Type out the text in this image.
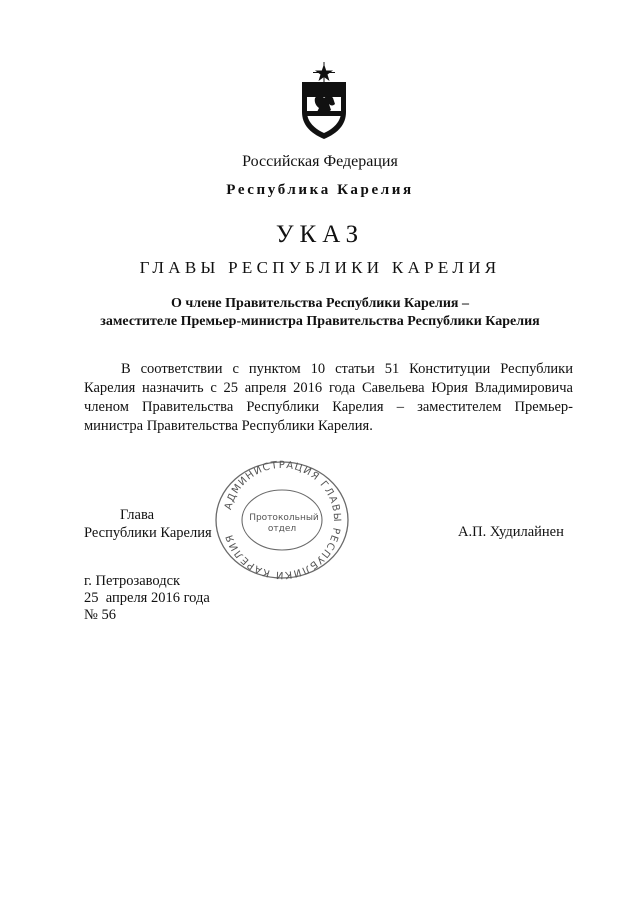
Российская Федерация
Республика Карелия
УКАЗ
ГЛАВЫ РЕСПУБЛИКИ КАРЕЛИЯ
О члене Правительства Республики Карелия –
заместителе Премьер-министра Правительства Республики Карелия

В соответствии с пунктом 10 статьи 51 Конституции Республики Карелия назначить с 25 апреля 2016 года Савельева Юрия Владимировича членом Правительства Республики Карелия – заместителем Премьер-министра Правительства Республики Карелия.

АДМИНИСТРАЦИЯ ГЛАВЫ РЕСПУБЛИКИ КАРЕЛИЯ
Протокольный
отдел
Глава
Республики Карелия	А.П. Худилайнен
г. Петрозаводск
25  апреля 2016 года
№ 56
